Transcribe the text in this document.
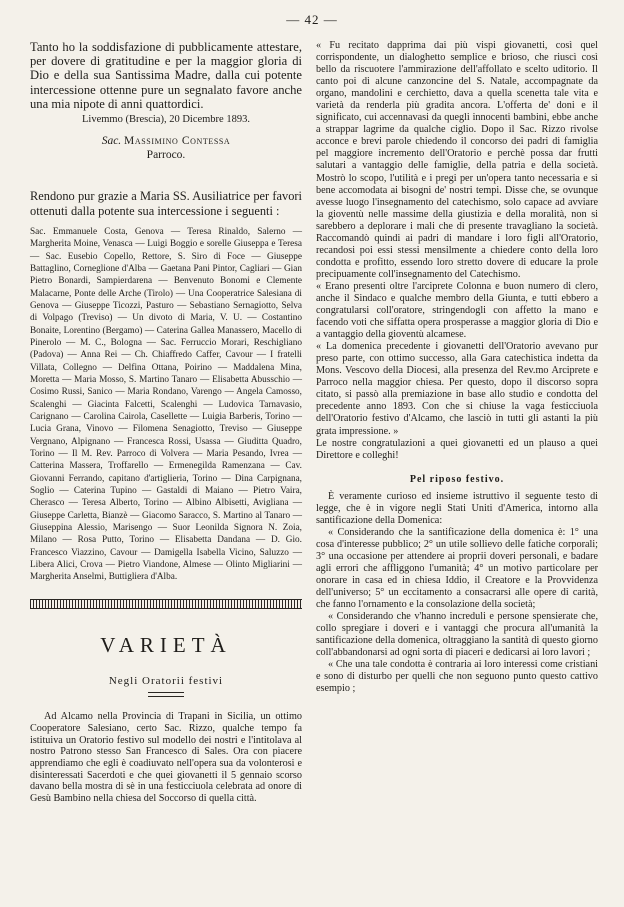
— 42 —

Tanto ho la soddisfazione di pubblicamente attestare, per dovere di gratitudine e per la maggior gloria di Dio e della sua Santissima Madre, dalla cui potente intercessione ottenne pure un segnalato favore anche una mia nipote di anni quattordici.

Livemmo (Brescia), 20 Dicembre 1893.

Sac. Massimino Contessa

Parroco.

Rendono pur grazie a Maria SS. Ausiliatrice per favori ottenuti dalla potente sua intercessione i seguenti :

Sac. Emmanuele Costa, Genova — Teresa Rinaldo, Salerno — Margherita Moine, Venasca — Luigi Boggio e sorelle Giuseppa e Teresa — Sac. Eusebio Copello, Rettore, S. Siro di Foce — Giuseppe Battaglino, Corneglione d'Alba — Gaetana Pani Pintor, Cagliari — Gian Pietro Bonardi, Sampierdarena — Benvenuto Bonomi e Clemente Malacarne, Ponte delle Arche (Tirolo) — Una Cooperatrice Salesiana di Genova — Giuseppe Ticozzi, Pasturo — Sebastiano Sernagiotto, Selva di Volpago (Treviso) — Un divoto di Maria, V. U. — Costantino Bonaite, Lorentino (Bergamo) — Caterina Gallea Manassero, Macello di Pinerolo — M. C., Bologna — Sac. Ferruccio Morari, Reschigliano (Padova) — Anna Rei — Ch. Chiaffredo Caffer, Cavour — I fratelli Villata, Collegno — Delfina Ottana, Poirino — Maddalena Mina, Moretta — Maria Mosso, S. Martino Tanaro — Elisabetta Abusschio — Cosimo Russi, Sanico — Maria Rondano, Varengo — Angela Camosso, Scalenghi — Giacinta Falcetti, Scalenghi — Ludovica Tarnavasio, Carignano — Carolina Cairola, Casellette — Luigia Barberis, Torino — Lucia Grana, Vinovo — Filomena Senagiotto, Treviso — Giuseppe Vergnano, Alpignano — Francesca Rossi, Usassa — Giuditta Quadro, Torino — Il M. Rev. Parroco di Volvera — Maria Pesando, Ivrea — Catterina Massera, Troffarello — Ermenegilda Ramenzana — Cav. Giovanni Ferrando, capitano d'artiglieria, Torino — Dina Carpignana, Soglio — Caterina Tupino — Gastaldi di Maiano — Pietro Vaira, Cherasco — Teresa Alberto, Torino — Albino Albisetti, Avigliana — Giuseppe Carletta, Bianzè — Giacomo Saracco, S. Martino al Tanaro — Giuseppina Alessio, Marisengo — Suor Leonilda Signora N. Zoia, Milano — Rosa Putto, Torino — Elisabetta Dandana — D. Gio. Francesco Viazzino, Cavour — Damigella Isabella Vicino, Saluzzo — Libera Alici, Crova — Pietro Viandone, Almese — Olinto Migliarini — Margherita Anselmi, Buttigliera d'Alba.

VARIETÀ
Negli Oratorii festivi

Ad Alcamo nella Provincia di Trapani in Sicilia, un ottimo Cooperatore Salesiano, certo Sac. Rizzo, qualche tempo fa istituiva un Oratorio festivo sul modello dei nostri e l'intitolava al nostro Patrono stesso San Francesco di Sales. Ora con piacere apprendiamo che egli è coadiuvato nell'opera sua da volonterosi e disinteressati Sacerdoti e che quei giovanetti il 5 gennaio scorso davano bella mostra di sè in una festicciuola celebrata ad onore di Gesù Bambino nella chiesa del Soccorso di quella città.

« Fu recitato dapprima dai più vispi giovanetti, così quel corrispondente, un dialoghetto semplice e brioso, che riuscì così bello da riscuotere l'ammirazione dell'affollato e scelto uditorio. Il canto poi di alcune canzoncine del S. Natale, accompagnate da organo, mandolini e cerchietto, dava a quella scenetta tale vita e varietà da renderla più gradita ancora. L'offerta de' doni e il significato, cui accennavasi da quegli innocenti bambini, ebbe anche a strappar lagrime da qualche ciglio. Dopo il Sac. Rizzo rivolse acconce e brevi parole chiedendo il concorso dei padri di famiglia pel maggiore incremento dell'Oratorio e perchè possa dar frutti salutari a vantaggio delle famiglie, della patria e della società. Mostrò lo scopo, l'utilità e i pregi per un'opera tanto necessaria e sì bene accomodata ai bisogni de' nostri tempi. Disse che, se ovunque avesse luogo l'insegnamento del catechismo, solo capace ad avviare la gioventù nelle massime della giustizia e della moralità, non si sarebbero a deplorare i mali che di presente travagliano la società. Raccomandò quindi ai padri di mandare i loro figli all'Oratorio, recandosi poi essi stessi mensilmente a chiedere conto della loro condotta e profitto, essendo loro stretto dovere di educare la prole precipuamente coll'insegnamento del Catechismo.

« Erano presenti oltre l'arciprete Colonna e buon numero di clero, anche il Sindaco e qualche membro della Giunta, e tutti ebbero a congratularsi coll'oratore, stringendogli con affetto la mano e facendo voti che siffatta opera prosperasse a maggior gloria di Dio e a vantaggio della gioventù alcamese.

« La domenica precedente i giovanetti dell'Oratorio avevano pur preso parte, con ottimo successo, alla Gara catechistica indetta da Mons. Vescovo della Diocesi, alla presenza del Rev.mo Arciprete e Parroco nella maggior chiesa. Per questo, dopo il discorso sopra citato, si passò alla premiazione in base allo studio e condotta del precedente anno 1893. Con che si chiuse la vaga festicciuola dell'Oratorio festivo d'Alcamo, che lasciò in tutti gli astanti la più grata impressione. »

Le nostre congratulazioni a quei giovanetti ed un plauso a quei Direttore e colleghi!

Pel riposo festivo.

È veramente curioso ed insieme istruttivo il seguente testo di legge, che è in vigore negli Stati Uniti d'America, intorno alla santificazione della Domenica:

« Considerando che la santificazione della domenica è: 1° una cosa d'interesse pubblico; 2° un utile sollievo delle fatiche corporali; 3° una occasione per attendere ai proprii doveri personali, e badare agli errori che affliggono l'umanità; 4° un motivo particolare per onorare in casa ed in chiesa Iddio, il Creatore e la Provvidenza dell'universo; 5° un eccitamento a consacrarsi alle opere di carità, che fanno l'ornamento e la consolazione della società;

« Considerando che v'hanno increduli e persone spensierate che, collo spregiare i doveri e i vantaggi che procura all'umanità la santificazione della domenica, oltraggiano la santità di questo giorno coll'abbandonarsi ad ogni sorta di piaceri e dedicarsi ai loro lavori ;

« Che una tale condotta è contraria ai loro interessi come cristiani e sono di disturbo per quelli che non seguono punto questo cattivo esempio ;
